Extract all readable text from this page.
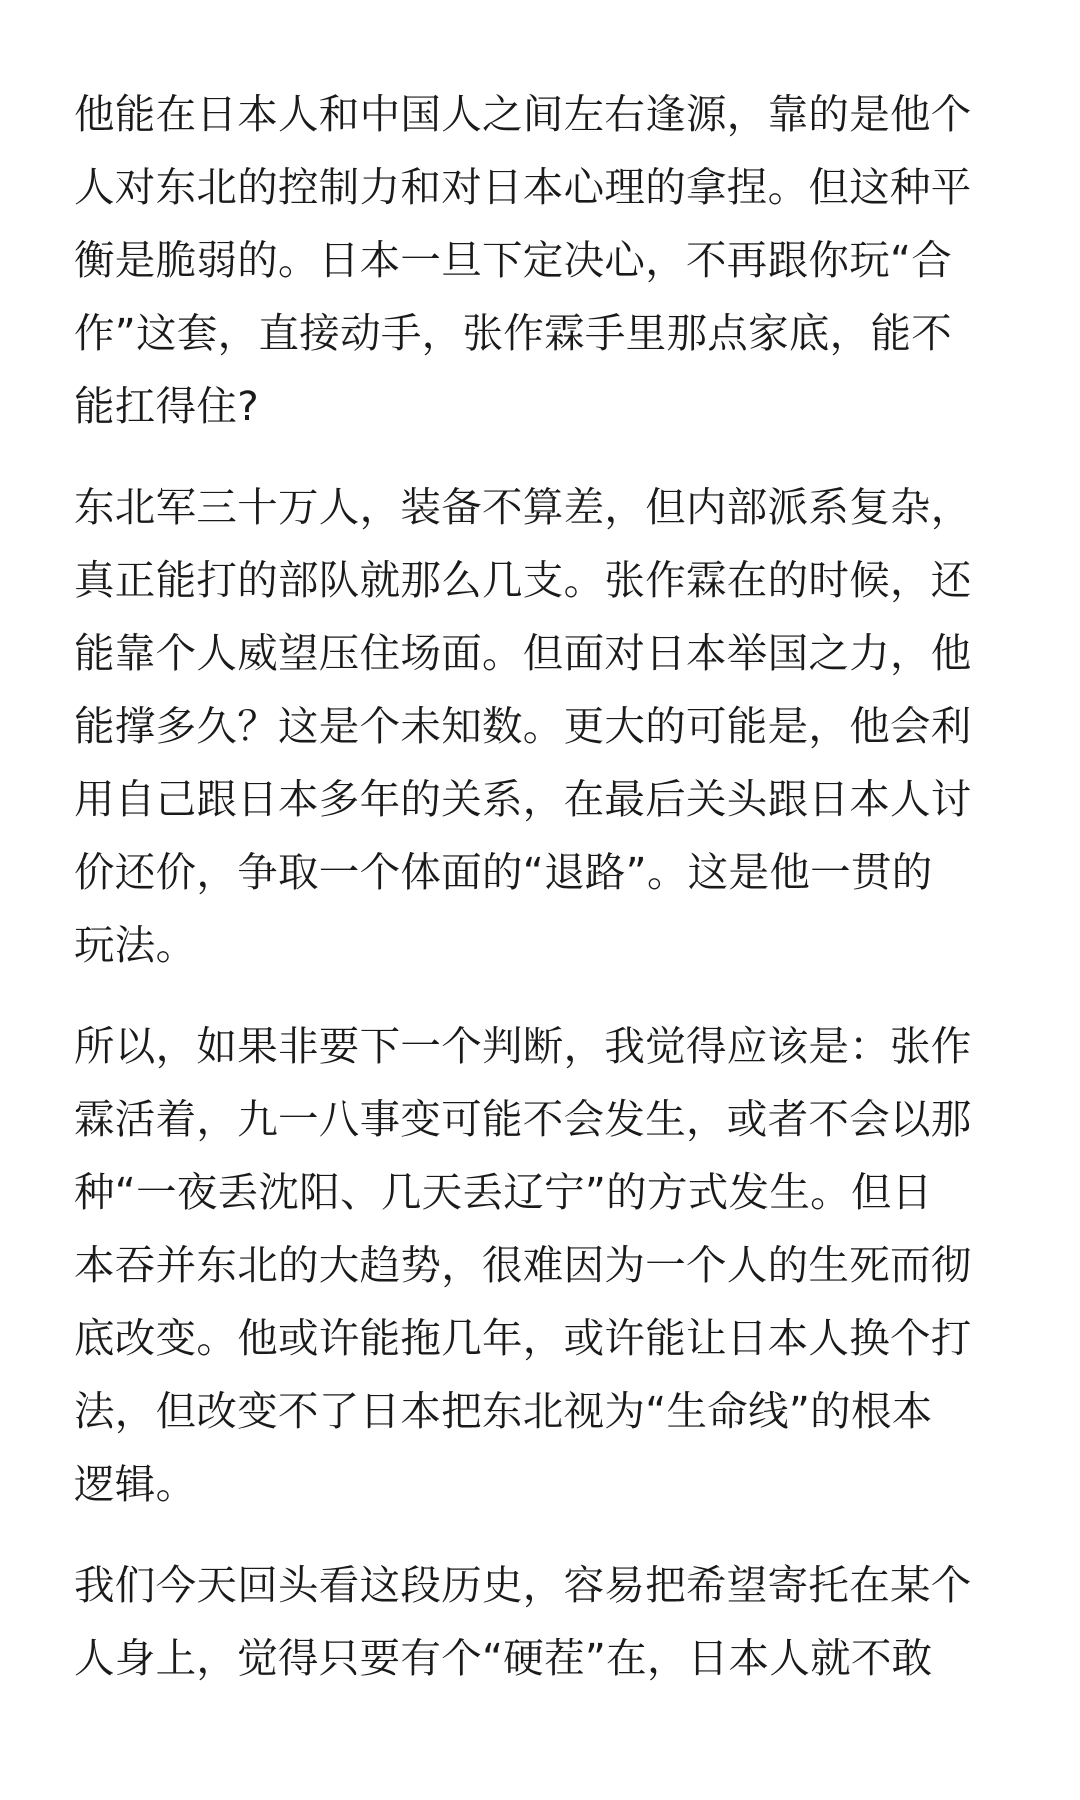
他能在日本人和中国人之间左右逢源，靠的是他个
人对东北的控制力和对日本心理的拿捏。但这种平
衡是脆弱的。日本一旦下定决心，不再跟你玩“合
作”这套，直接动手，张作霖手里那点家底，能不
能扛得住?

东北军三十万人，装备不算差，但内部派系复杂，
真正能打的部队就那么几支。张作霖在的时候，还
能靠个人威望压住场面。但面对日本举国之力，他
能撑多久？这是个未知数。更大的可能是，他会利
用自己跟日本多年的关系，在最后关头跟日本人讨
价还价，争取一个体面的“退路”。这是他一贯的
玩法。

所以，如果非要下一个判断，我觉得应该是：张作
霖活着，九一八事变可能不会发生，或者不会以那
种“一夜丢沈阳、几天丢辽宁”的方式发生。但日
本吞并东北的大趋势，很难因为一个人的生死而彻
底改变。他或许能拖几年，或许能让日本人换个打
法，但改变不了日本把东北视为“生命线”的根本
逻辑。

我们今天回头看这段历史，容易把希望寄托在某个
人身上，觉得只要有个“硬茬”在，日本人就不敢
